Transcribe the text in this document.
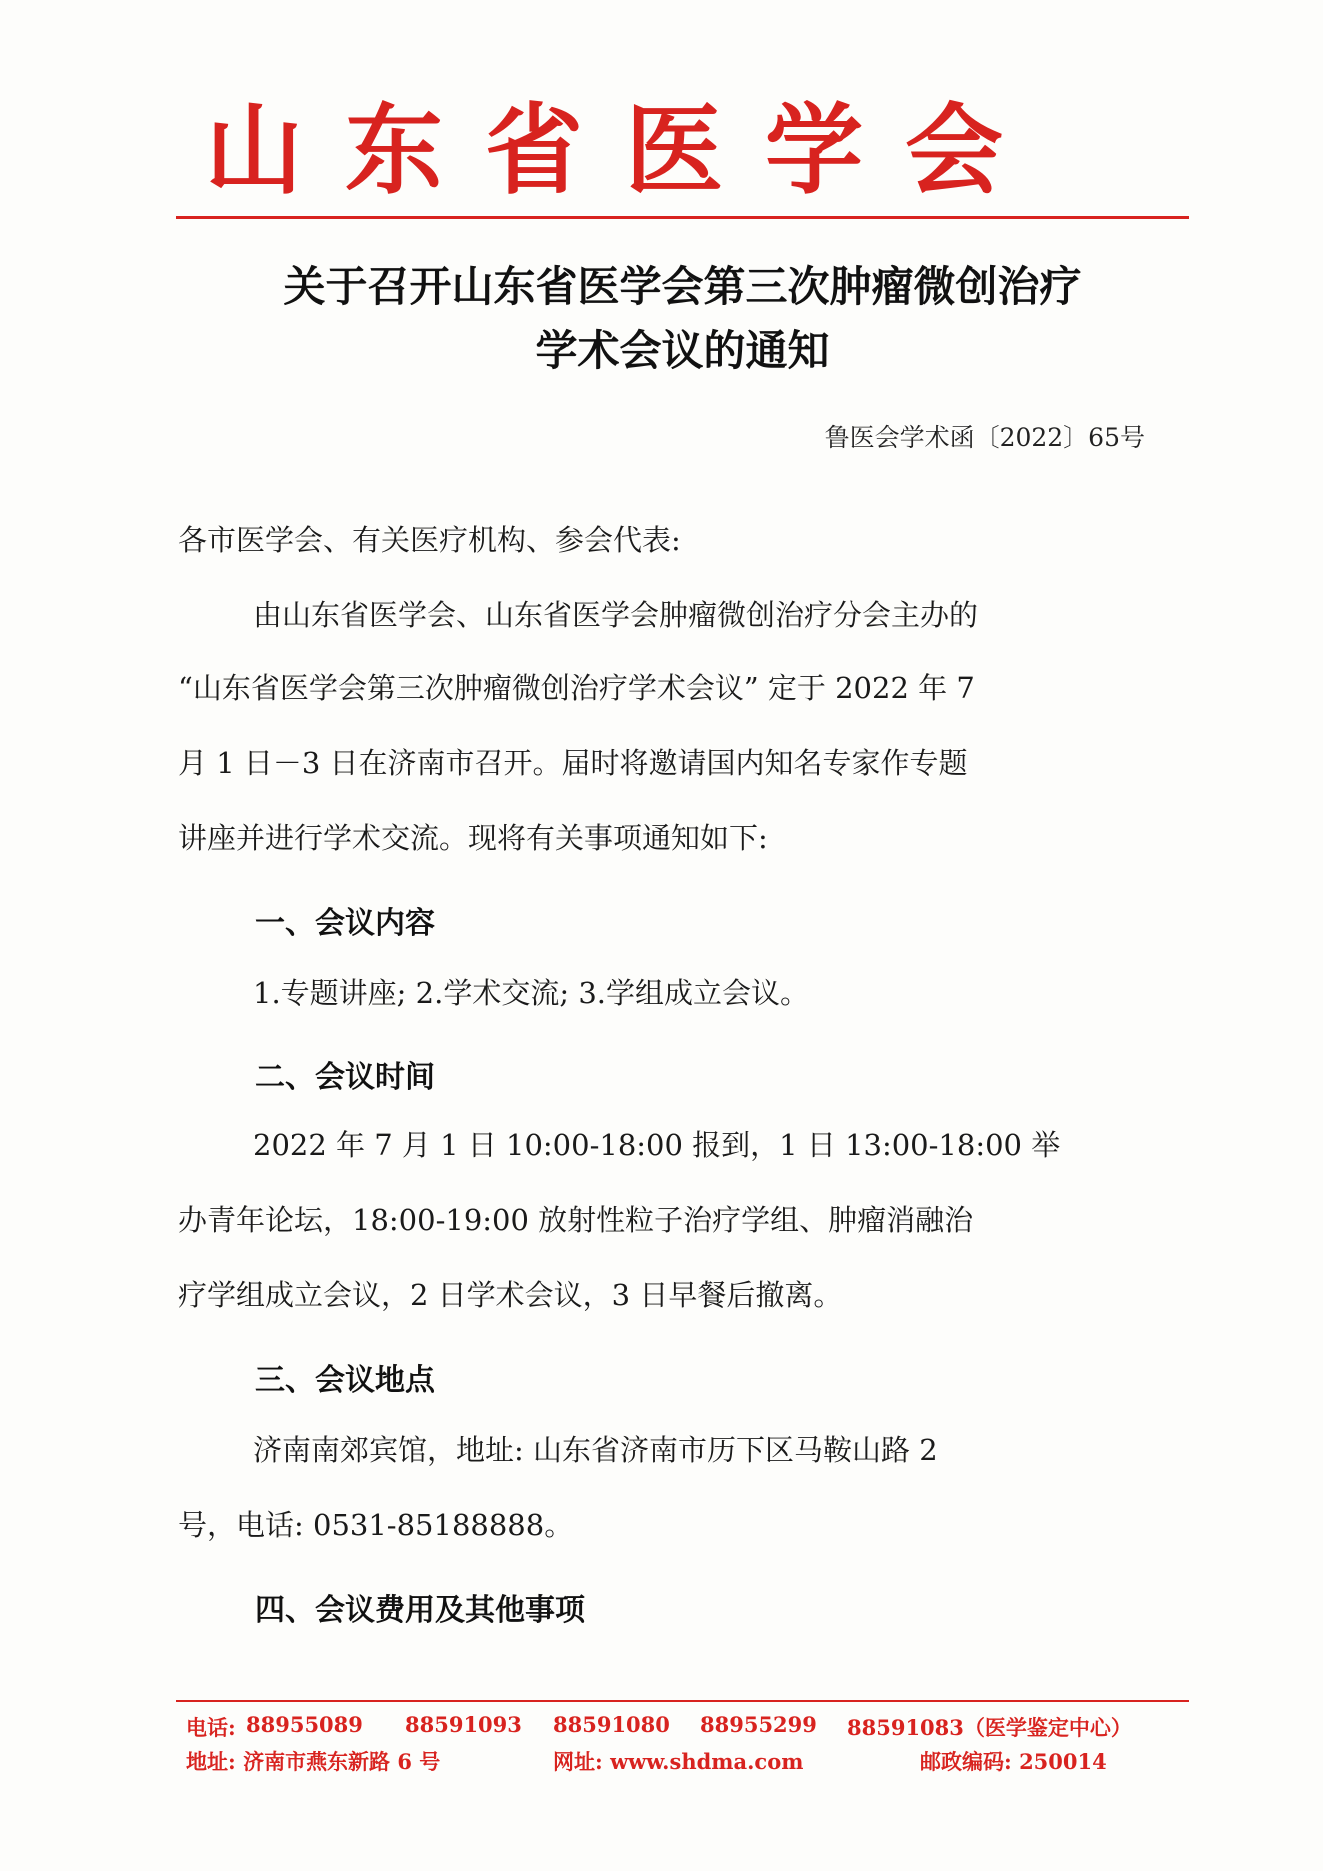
山东省医学会
关于召开山东省医学会第三次肿瘤微创治疗
学术会议的通知
鲁医会学术函〔2022〕65号
各市医学会、有关医疗机构、参会代表:
由山东省医学会、山东省医学会肿瘤微创治疗分会主办的
“山东省医学会第三次肿瘤微创治疗学术会议” 定于 2022 年 7
月 1 日－3 日在济南市召开。届时将邀请国内知名专家作专题
讲座并进行学术交流。现将有关事项通知如下:
一、会议内容
1.专题讲座; 2.学术交流; 3.学组成立会议。
二、会议时间
2022 年 7 月 1 日 10:00-18:00 报到，1 日 13:00-18:00 举
办青年论坛，18:00-19:00 放射性粒子治疗学组、肿瘤消融治
疗学组成立会议，2 日学术会议，3 日早餐后撤离。
三、会议地点
济南南郊宾馆，地址: 山东省济南市历下区马鞍山路 2
号，电话: 0531-85188888。
四、会议费用及其他事项
电话: 88955089 88591093 88591080 88955299 88591083（医学鉴定中心）
地址: 济南市燕东新路 6 号	网址: www.shdma.com	邮政编码: 250014
